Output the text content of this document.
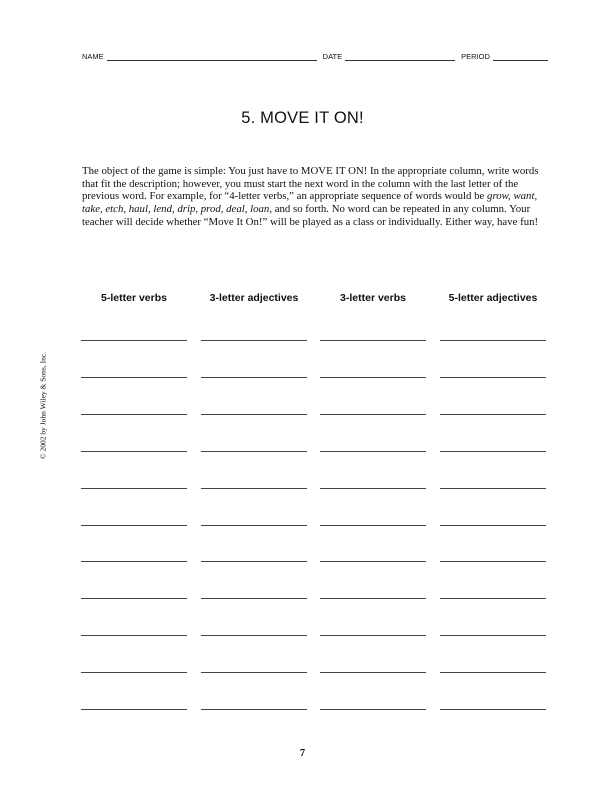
NAME	DATE	PERIOD
5. MOVE IT ON!
The object of the game is simple: You just have to MOVE IT ON! In the appropriate column, write words that fit the description; however, you must start the next word in the column with the last letter of the previous word. For example, for “4-letter verbs,” an appropriate sequence of words would be grow, want, take, etch, haul, lend, drip, prod, deal, loan, and so forth. No word can be repeated in any column. Your teacher will decide whether “Move It On!” will be played as a class or individually. Either way, have fun!
5-letter verbs	3-letter adjectives	3-letter verbs	5-letter adjectives
© 2002 by John Wiley & Sons, Inc.
7
